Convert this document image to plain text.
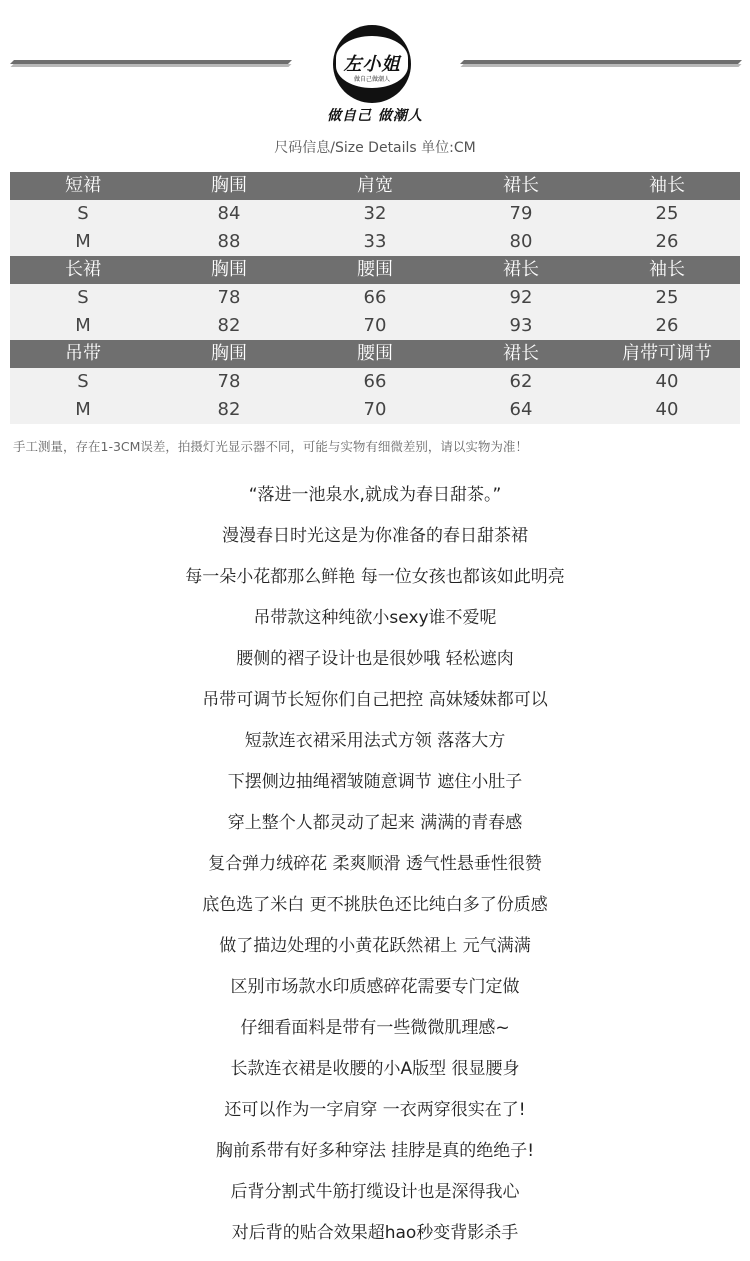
左小姐
做自己做潮人
做自己 做潮人
尺码信息/Size Details 单位:CM
短裙	胸围	肩宽	裙长	袖长
S	84	32	79	25
M	88	33	80	26
长裙	胸围	腰围	裙长	袖长
S	78	66	92	25
M	82	70	93	26
吊带	胸围	腰围	裙长	肩带可调节
S	78	66	62	40
M	82	70	64	40
手工测量，存在1-3CM误差，拍摄灯光显示器不同，可能与实物有细微差别，请以实物为准！
“落进一池泉水,就成为春日甜茶。”
漫漫春日时光这是为你准备的春日甜茶裙
每一朵小花都那么鲜艳 每一位女孩也都该如此明亮
吊带款这种纯欲小sexy谁不爱呢
腰侧的褶子设计也是很妙哦 轻松遮肉
吊带可调节长短你们自己把控 高妹矮妹都可以
短款连衣裙采用法式方领 落落大方
下摆侧边抽绳褶皱随意调节 遮住小肚子
穿上整个人都灵动了起来 满满的青春感
复合弹力绒碎花 柔爽顺滑 透气性悬垂性很赞
底色选了米白 更不挑肤色还比纯白多了份质感
做了描边处理的小黄花跃然裙上 元气满满
区别市场款水印质感碎花需要专门定做
仔细看面料是带有一些微微肌理感~
长款连衣裙是收腰的小A版型 很显腰身
还可以作为一字肩穿 一衣两穿很实在了!
胸前系带有好多种穿法 挂脖是真的绝绝子!
后背分割式牛筋打缆设计也是深得我心
对后背的贴合效果超hao秒变背影杀手
